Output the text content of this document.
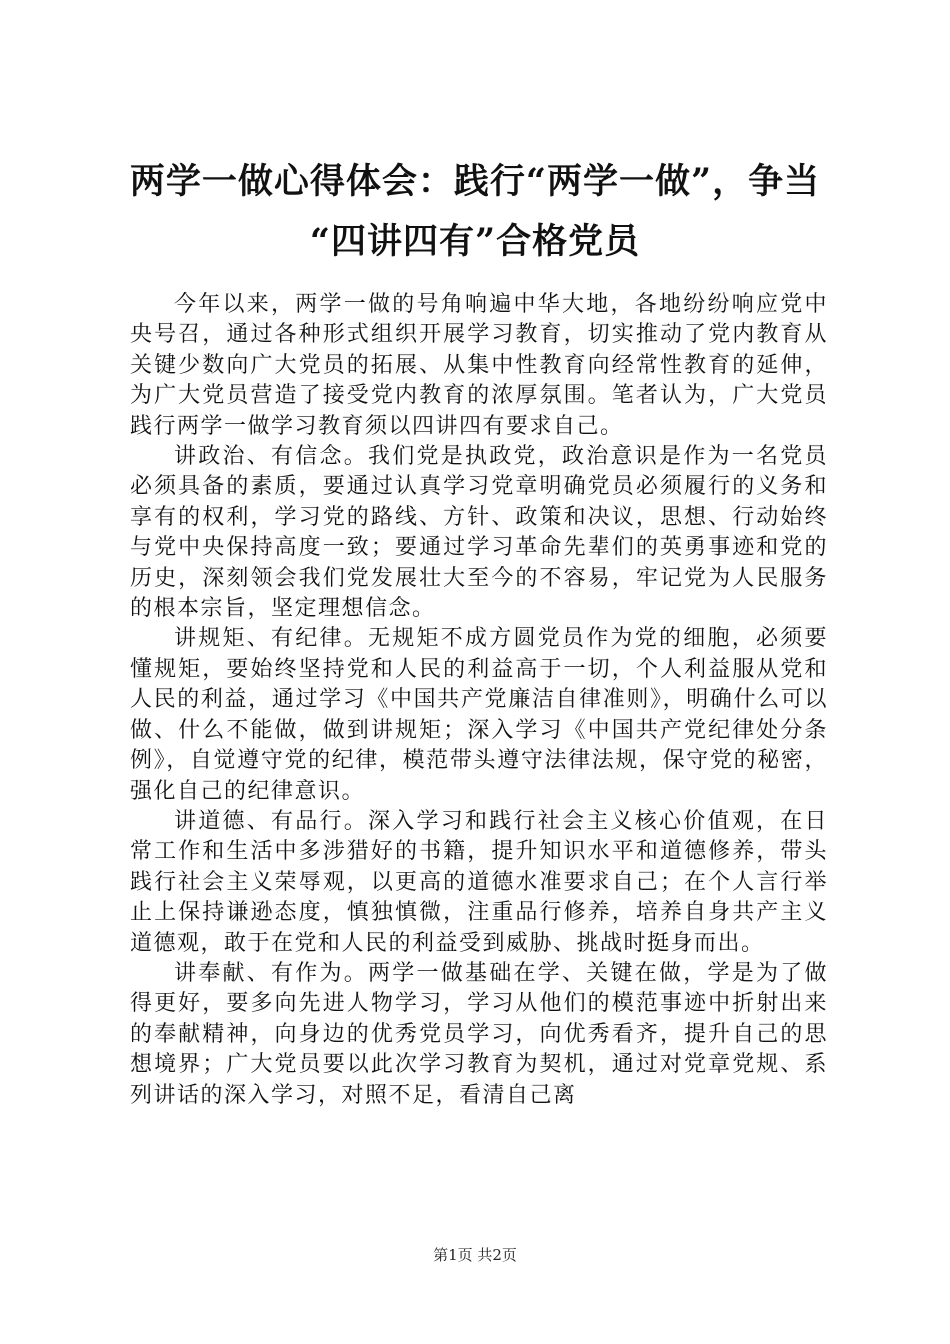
两学一做心得体会：践行“两学一做”，争当
“四讲四有”合格党员

今年以来，两学一做的号角响遍中华大地，各地纷纷响应党中央号召，通过各种形式组织开展学习教育，切实推动了党内教育从关键少数向广大党员的拓展、从集中性教育向经常性教育的延伸，为广大党员营造了接受党内教育的浓厚氛围。笔者认为，广大党员践行两学一做学习教育须以四讲四有要求自己。

讲政治、有信念。我们党是执政党，政治意识是作为一名党员必须具备的素质，要通过认真学习党章明确党员必须履行的义务和享有的权利，学习党的路线、方针、政策和决议，思想、行动始终与党中央保持高度一致；要通过学习革命先辈们的英勇事迹和党的历史，深刻领会我们党发展壮大至今的不容易，牢记党为人民服务的根本宗旨，坚定理想信念。

讲规矩、有纪律。无规矩不成方圆党员作为党的细胞，必须要懂规矩，要始终坚持党和人民的利益高于一切，个人利益服从党和人民的利益，通过学习《中国共产党廉洁自律准则》，明确什么可以做、什么不能做，做到讲规矩；深入学习《中国共产党纪律处分条例》，自觉遵守党的纪律，模范带头遵守法律法规，保守党的秘密，强化自己的纪律意识。

讲道德、有品行。深入学习和践行社会主义核心价值观，在日常工作和生活中多涉猎好的书籍，提升知识水平和道德修养，带头践行社会主义荣辱观，以更高的道德水准要求自己；在个人言行举止上保持谦逊态度，慎独慎微，注重品行修养，培养自身共产主义道德观，敢于在党和人民的利益受到威胁、挑战时挺身而出。

讲奉献、有作为。两学一做基础在学、关键在做，学是为了做得更好，要多向先进人物学习，学习从他们的模范事迹中折射出来的奉献精神，向身边的优秀党员学习，向优秀看齐，提升自己的思想境界；广大党员要以此次学习教育为契机，通过对党章党规、系列讲话的深入学习，对照不足，看清自己离

第1页 共2页
